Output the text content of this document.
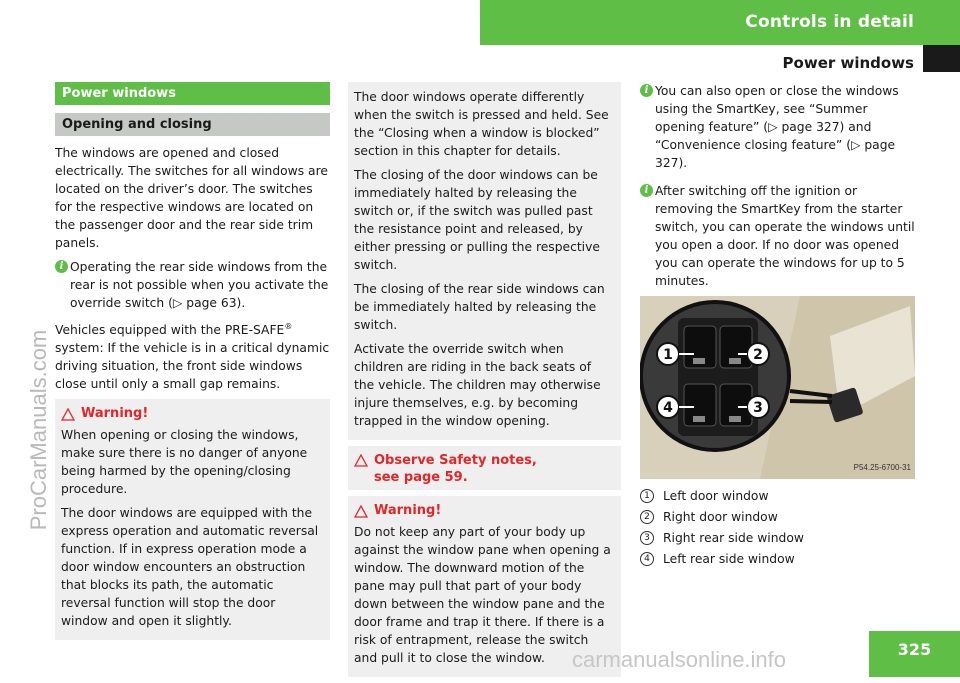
Controls in detail
Power windows
ProCarManuals.com
Power windows
Opening and closing

The windows are opened and closed electrically. The switches for all windows are located on the driver’s door. The switches for the respective windows are located on the passenger door and the rear side trim panels.

i Operating the rear side windows from the rear is not possible when you activate the override switch (▷ page 63).

Vehicles equipped with the PRE-SAFE® system: If the vehicle is in a critical dynamic driving situation, the front side windows close until only a small gap remains.

Warning!

When opening or closing the windows, make sure there is no danger of anyone being harmed by the opening/closing procedure.

The door windows are equipped with the express operation and automatic reversal function. If in express operation mode a door window encounters an obstruction that blocks its path, the automatic reversal function will stop the door window and open it slightly.

The door windows operate differently when the switch is pressed and held. See the “Closing when a window is blocked” section in this chapter for details.

The closing of the door windows can be immediately halted by releasing the switch or, if the switch was pulled past the resistance point and released, by either pressing or pulling the respective switch.

The closing of the rear side windows can be immediately halted by releasing the switch.

Activate the override switch when children are riding in the back seats of the vehicle. The children may otherwise injure themselves, e.g. by becoming trapped in the window opening.

Observe Safety notes, see page 59.
Warning!

Do not keep any part of your body up against the window pane when opening a window. The downward motion of the pane may pull that part of your body down between the window pane and the door frame and trap it there. If there is a risk of entrapment, release the switch and pull it to close the window.

i You can also open or close the windows using the SmartKey, see “Summer opening feature” (▷ page 327) and “Convenience closing feature” (▷ page 327).

i After switching off the ignition or removing the SmartKey from the starter switch, you can operate the windows until you open a door. If no door was opened you can operate the windows for up to 5 minutes.

1	2
3
4
P54.25-6700-31
1	Left door window
2	Right door window
3	Right rear side window
4	Left rear side window
325
carmanualsonline.info
